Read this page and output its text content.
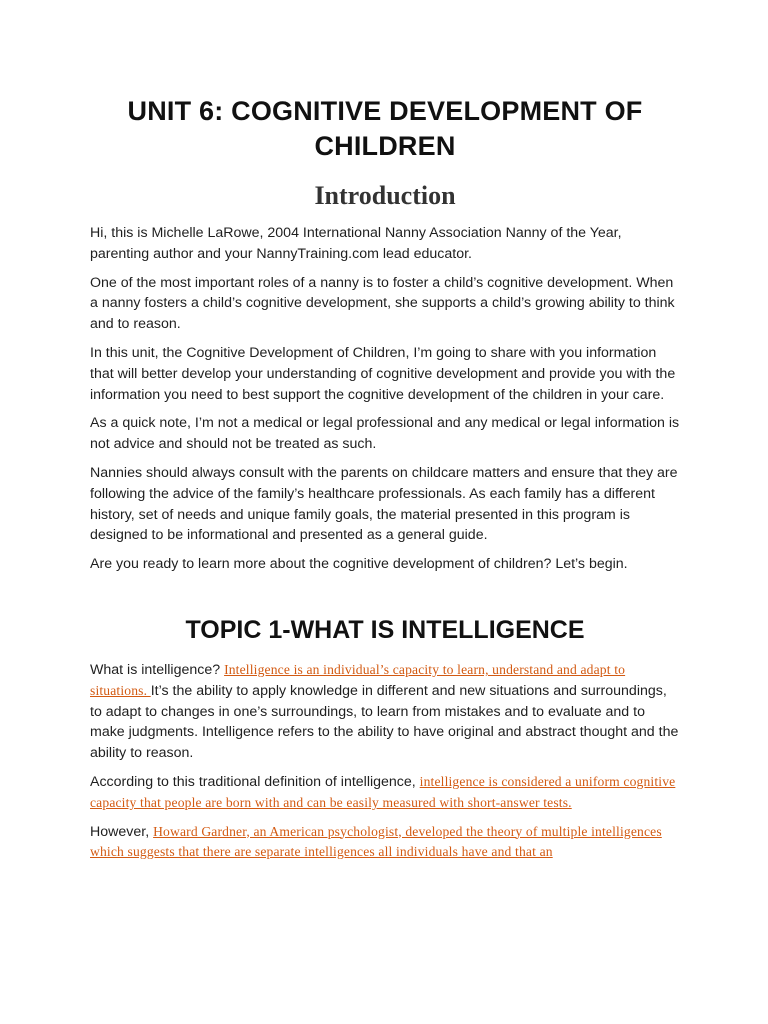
UNIT 6: COGNITIVE DEVELOPMENT OF CHILDREN
Introduction

Hi, this is Michelle LaRowe, 2004 International Nanny Association Nanny of the Year, parenting author and your NannyTraining.com lead educator.

One of the most important roles of a nanny is to foster a child’s cognitive development. When a nanny fosters a child’s cognitive development, she supports a child’s growing ability to think and to reason.

In this unit, the Cognitive Development of Children, I’m going to share with you information that will better develop your understanding of cognitive development and provide you with the information you need to best support the cognitive development of the children in your care.

As a quick note, I’m not a medical or legal professional and any medical or legal information is not advice and should not be treated as such.

Nannies should always consult with the parents on childcare matters and ensure that they are following the advice of the family’s healthcare professionals. As each family has a different history, set of needs and unique family goals, the material presented in this program is designed to be informational and presented as a general guide.

Are you ready to learn more about the cognitive development of children? Let’s begin.

TOPIC 1-WHAT IS INTELLIGENCE

What is intelligence? Intelligence is an individual’s capacity to learn, understand and adapt to situations. It’s the ability to apply knowledge in different and new situations and surroundings, to adapt to changes in one’s surroundings, to learn from mistakes and to evaluate and to make judgments. Intelligence refers to the ability to have original and abstract thought and the ability to reason.

According to this traditional definition of intelligence, intelligence is considered a uniform cognitive capacity that people are born with and can be easily measured with short-answer tests.

However, Howard Gardner, an American psychologist, developed the theory of multiple intelligences which suggests that there are separate intelligences all individuals have and that an
